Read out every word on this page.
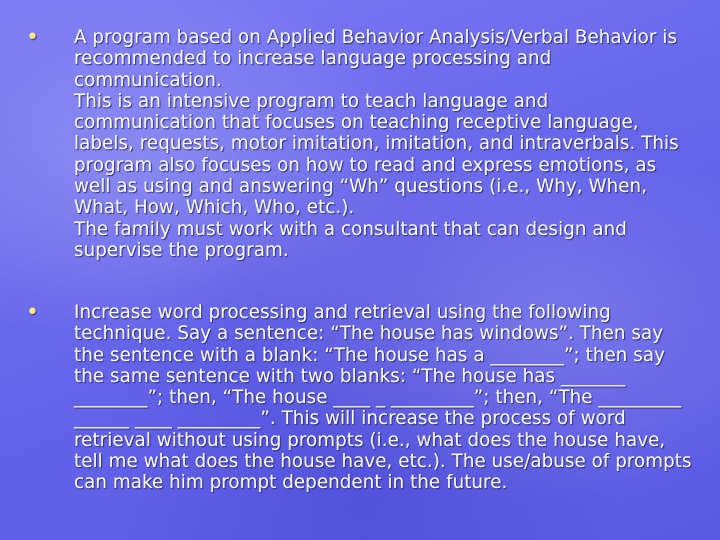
• A program based on Applied Behavior Analysis/Verbal Behavior is recommended to increase language processing and communication.

This is an intensive program to teach language and communication that focuses on teaching receptive language, labels, requests, motor imitation, imitation, and intraverbals. This program also focuses on how to read and express emotions, as well as using and answering “Wh” questions (i.e., Why, When, What, How, Which, Who, etc.).

The family must work with a consultant that can design and supervise the program.

• Increase word processing and retrieval using the following technique. Say a sentence: “The house has windows”. Then say the sentence with a blank: “The house has a ________”; then say the same sentence with two blanks: “The house has _______ ________”; then, “The house ____ _ _________”; then, “The _________ ______ ____ _________”. This will increase the process of word retrieval without using prompts (i.e., what does the house have, tell me what does the house have, etc.). The use/abuse of prompts can make him prompt dependent in the future.
